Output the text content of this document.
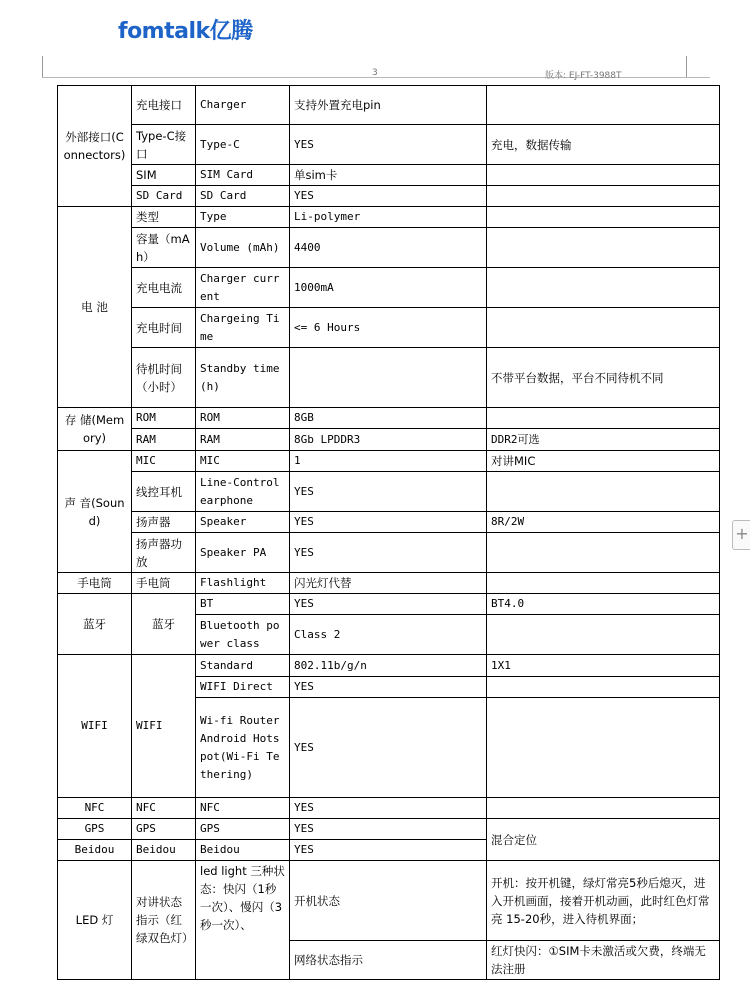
fomtalk亿腾
3	版本: EJ-FT-3988T
+
外部接口(Connectors)	充电接口	Charger	支持外置充电pin	
	Type-C接口	Type-C	YES	充电，数据传输
	SIM	SIM Card	单sim卡	
	SD Card	SD Card	YES	
电 池	类型	Type	Li-polymer	
	容量（mAh）	Volume (mAh)	4400	
	充电电流	Charger current	1000mA	
	充电时间	Chargeing Time	<= 6 Hours	
	待机时间（小时）	Standby time(h)		不带平台数据，平台不同待机不同
存 储(Memory)	ROM	ROM	8GB	
	RAM	RAM	8Gb LPDDR3	DDR2可选
声 音(Sound)	MIC	MIC	1	对讲MIC
	线控耳机	Line-Control earphone	YES	
	扬声器	Speaker	YES	8R/2W
	扬声器功放	Speaker PA	YES	
手电筒	手电筒	Flashlight	闪光灯代替	
蓝牙	蓝牙	BT	YES	BT4.0
		Bluetooth power class	Class 2	
WIFI	WIFI	Standard	802.11b/g/n	1X1
		WIFI Direct	YES	
		Wi-fi Router Android Hotspot(Wi-Fi Tethering)	YES	
NFC	NFC	NFC	YES	
GPS	GPS	GPS	YES	混合定位
Beidou	Beidou	Beidou	YES	
LED 灯	对讲状态指示（红绿双色灯）	led light 三种状态：快闪（1秒一次）、慢闪（3秒一次）、	开机状态	开机：按开机键，绿灯常亮5秒后熄灭，进入开机画面，接着开机动画，此时红色灯常亮 15-20秒，进入待机界面；
			网络状态指示	红灯快闪：①SIM卡未激活或欠费，终端无法注册
